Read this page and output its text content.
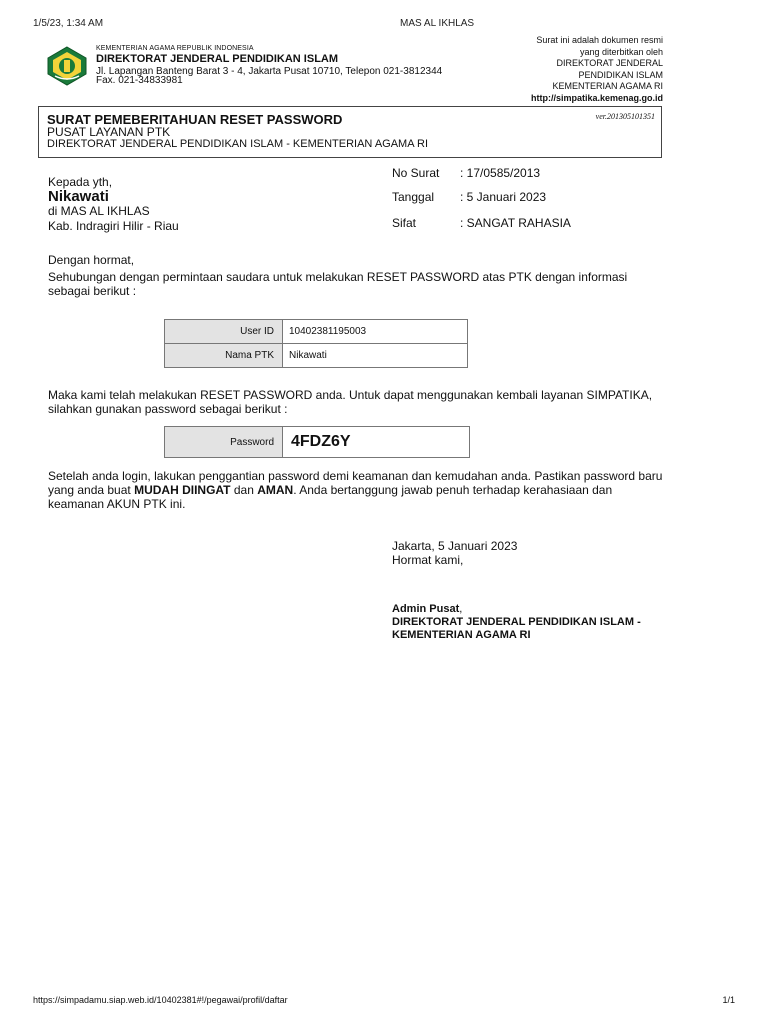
1/5/23, 1:34 AM	MAS AL IKHLAS
KEMENTERIAN AGAMA REPUBLIK INDONESIA
DIREKTORAT JENDERAL PENDIDIKAN ISLAM
Jl. Lapangan Banteng Barat 3 - 4, Jakarta Pusat 10710, Telepon 021-3812344
Fax. 021-34833981
Surat ini adalah dokumen resmi
yang diterbitkan oleh
DIREKTORAT JENDERAL
PENDIDIKAN ISLAM
KEMENTERIAN AGAMA RI
http://simpatika.kemenag.go.id
SURAT PEMEBERITAHUAN RESET PASSWORD
PUSAT LAYANAN PTK
DIREKTORAT JENDERAL PENDIDIKAN ISLAM - KEMENTERIAN AGAMA RI
ver.201305101351
Kepada yth,
Nikawati
di MAS AL IKHLAS
Kab. Indragiri Hilir - Riau
No Surat : 17/0585/2013
Tanggal : 5 Januari 2023
Sifat	: SANGAT RAHASIA
Dengan hormat,
Sehubungan dengan permintaan saudara untuk melakukan RESET PASSWORD atas PTK dengan informasi sebagai berikut :
User ID	10402381195003
Nama PTK	Nikawati
Maka kami telah melakukan RESET PASSWORD anda. Untuk dapat menggunakan kembali layanan SIMPATIKA, silahkan gunakan password sebagai berikut :
Password	4FDZ6Y
Setelah anda login, lakukan penggantian password demi keamanan dan kemudahan anda. Pastikan password baru yang anda buat MUDAH DIINGAT dan AMAN. Anda bertanggung jawab penuh terhadap kerahasiaan dan keamanan AKUN PTK ini.
Jakarta, 5 Januari 2023
Hormat kami,
Admin Pusat,
DIREKTORAT JENDERAL PENDIDIKAN ISLAM -
KEMENTERIAN AGAMA RI
https://simpadamu.siap.web.id/10402381#!/pegawai/profil/daftar	1/1
